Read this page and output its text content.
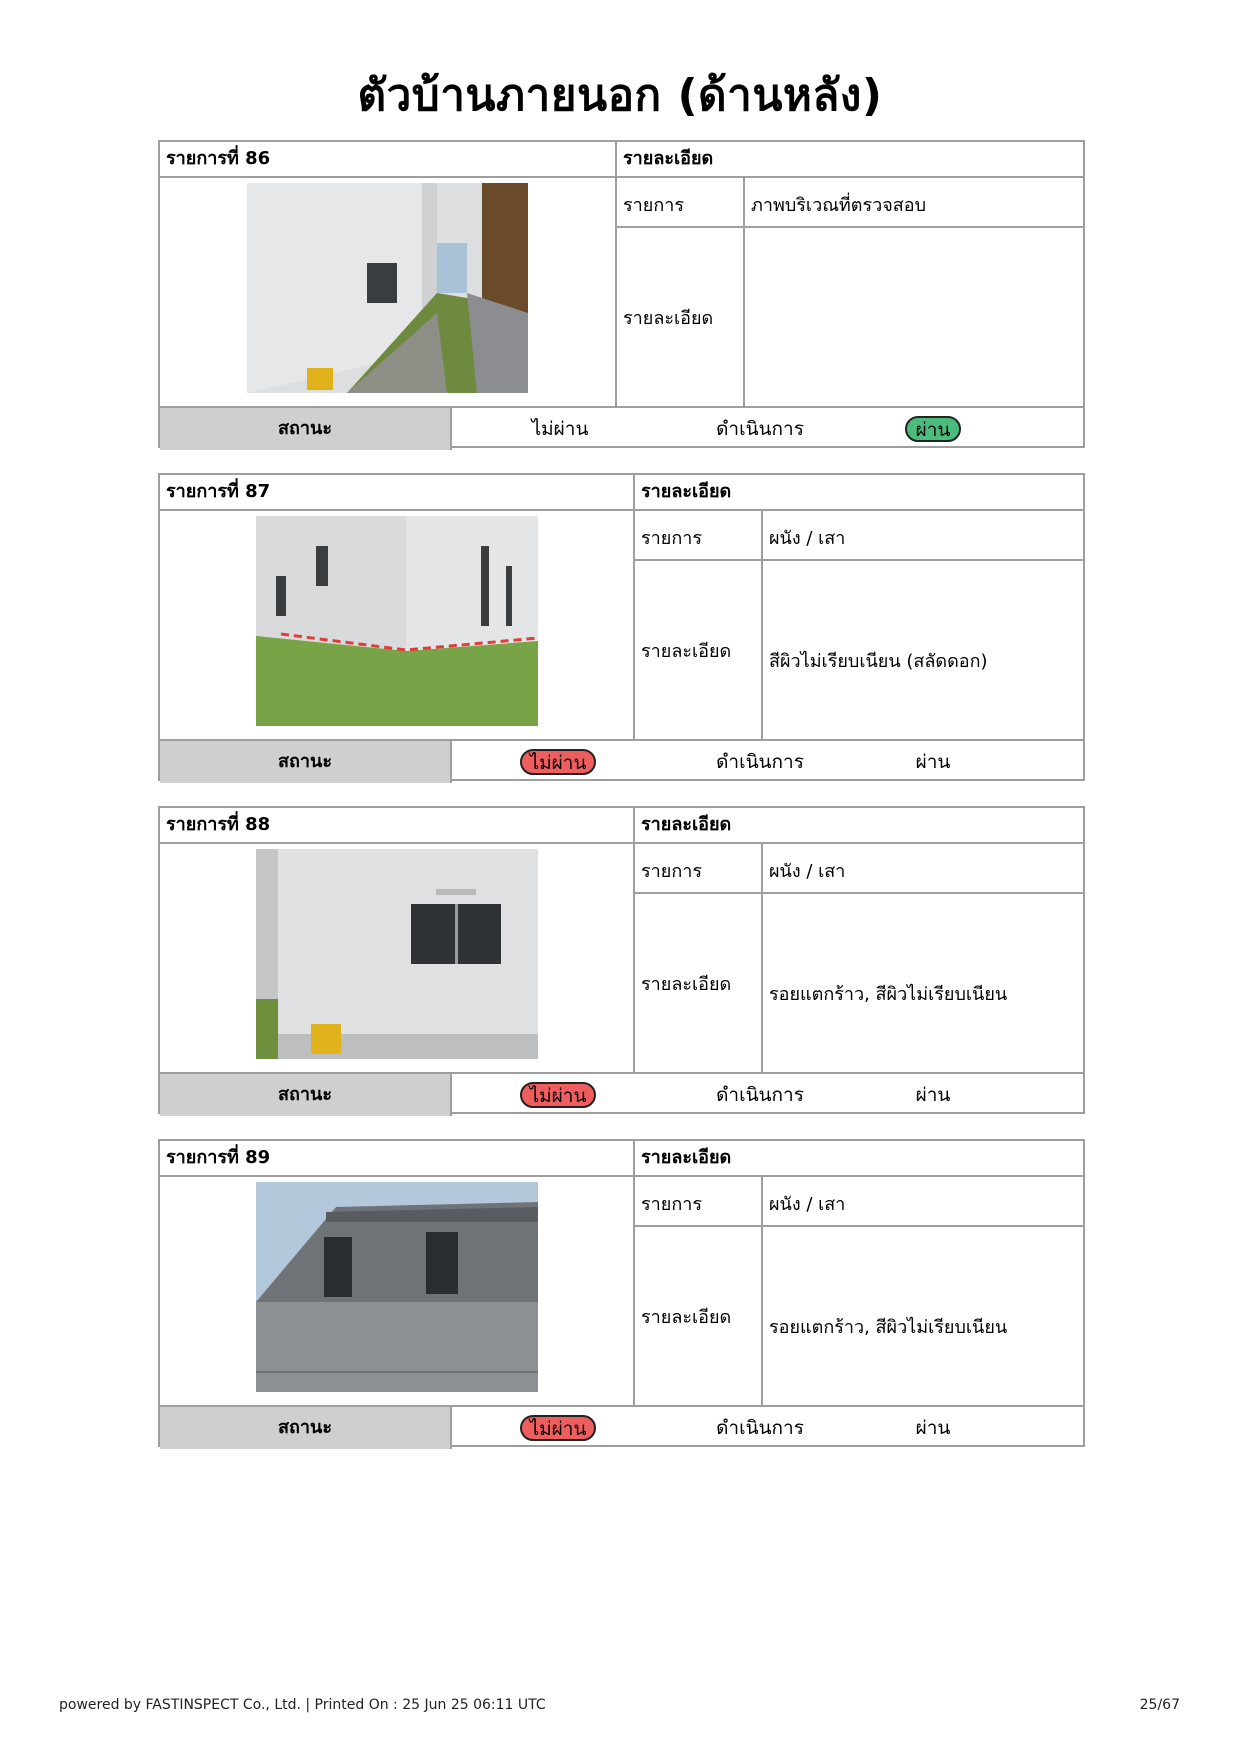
ตัวบ้านภายนอก (ด้านหลัง)
รายการที่ 86	รายละเอียด
รายการ	ภาพบริเวณที่ตรวจสอบ
รายละเอียด
สถานะ	ไม่ผ่าน	ดำเนินการ	ผ่าน
รายการที่ 87	รายละเอียด
รายการ	ผนัง / เสา
รายละเอียด	สีผิวไม่เรียบเนียน (สลัดดอก)
สถานะ	ไม่ผ่าน	ดำเนินการ	ผ่าน
รายการที่ 88	รายละเอียด
รายการ	ผนัง / เสา
รายละเอียด	รอยแตกร้าว, สีผิวไม่เรียบเนียน
สถานะ	ไม่ผ่าน	ดำเนินการ	ผ่าน
รายการที่ 89	รายละเอียด
รายการ	ผนัง / เสา
รายละเอียด	รอยแตกร้าว, สีผิวไม่เรียบเนียน
สถานะ	ไม่ผ่าน	ดำเนินการ	ผ่าน
powered by FASTINSPECT Co., Ltd. | Printed On : 25 Jun 25 06:11 UTC	25/67
